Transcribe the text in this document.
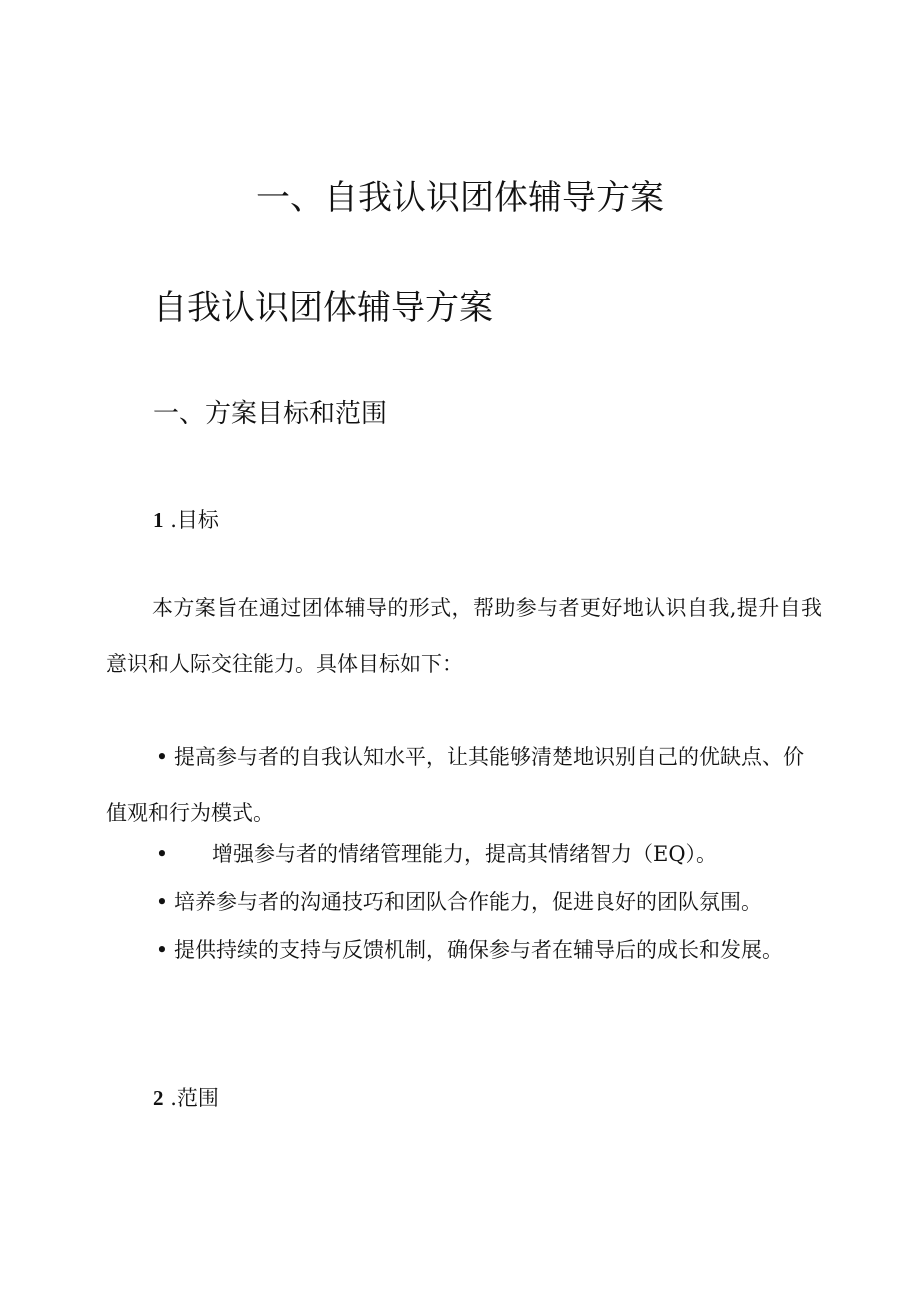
一、自我认识团体辅导方案
自我认识团体辅导方案
一、方案目标和范围
1 .目标

本方案旨在通过团体辅导的形式，帮助参与者更好地认识自我,提升自我意识和人际交往能力。具体目标如下：

• 提高参与者的自我认知水平，让其能够清楚地识别自己的优缺点、价值观和行为模式。

• 增强参与者的情绪管理能力，提高其情绪智力（EQ）。

• 培养参与者的沟通技巧和团队合作能力，促进良好的团队氛围。

• 提供持续的支持与反馈机制，确保参与者在辅导后的成长和发展。

2 .范围
